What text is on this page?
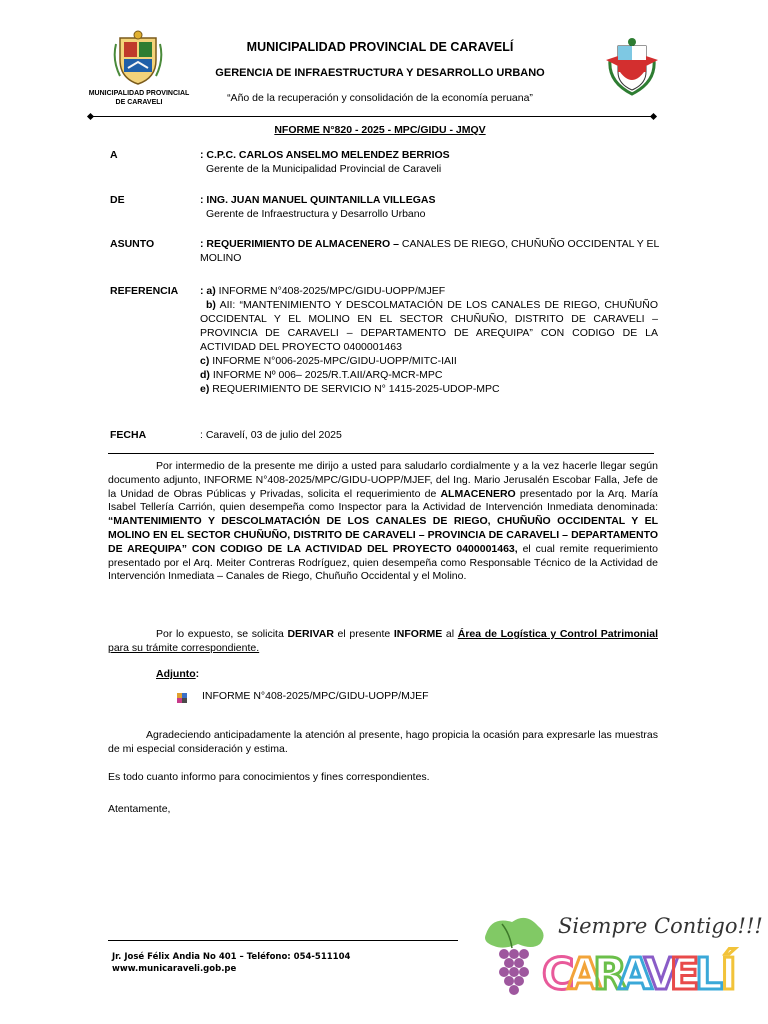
MUNICIPALIDAD PROVINCIAL
DE CARAVELI
MUNICIPALIDAD PROVINCIAL DE CARAVELÍ
GERENCIA DE INFRAESTRUCTURA Y DESARROLLO URBANO
“Año de la recuperación y consolidación de la economía peruana”
NFORME N°820 - 2025 - MPC/GIDU - JMQV
A	: C.P.C. CARLOS ANSELMO MELENDEZ BERRIOS
Gerente de la Municipalidad Provincial de Caraveli
DE	: ING. JUAN MANUEL QUINTANILLA VILLEGAS
Gerente de Infraestructura y Desarrollo Urbano
ASUNTO	: REQUERIMIENTO DE ALMACENERO – CANALES DE RIEGO, CHUÑUÑO OCCIDENTAL Y EL MOLINO
REFERENCIA : a) INFORME N°408-2025/MPC/GIDU-UOPP/MJEF
b) AII: “MANTENIMIENTO Y DESCOLMATACIÓN DE LOS CANALES DE RIEGO, CHUÑUÑO OCCIDENTAL Y EL MOLINO EN EL SECTOR CHUÑUÑO, DISTRITO DE CARAVELI – PROVINCIA DE CARAVELI – DEPARTAMENTO DE AREQUIPA” CON CODIGO DE LA ACTIVIDAD DEL PROYECTO 0400001463
c) INFORME N°006-2025-MPC/GIDU-UOPP/MITC-IAII
d) INFORME Nº 006– 2025/R.T.AII/ARQ-MCR-MPC
e) REQUERIMIENTO DE SERVICIO N° 1415-2025-UDOP-MPC
FECHA	: Caravelí, 03 de julio del 2025
Por intermedio de la presente me dirijo a usted para saludarlo cordialmente y a la vez hacerle llegar según documento adjunto, INFORME N°408-2025/MPC/GIDU-UOPP/MJEF, del Ing. Mario Jerusalén Escobar Falla, Jefe de la Unidad de Obras Públicas y Privadas, solicita el requerimiento de ALMACENERO presentado por la Arq. María Isabel Tellería Carrión, quien desempeña como Inspector para la Actividad de Intervención Inmediata denominada: “MANTENIMIENTO Y DESCOLMATACIÓN DE LOS CANALES DE RIEGO, CHUÑUÑO OCCIDENTAL Y EL MOLINO EN EL SECTOR CHUÑUÑO, DISTRITO DE CARAVELI – PROVINCIA DE CARAVELI – DEPARTAMENTO DE AREQUIPA” CON CODIGO DE LA ACTIVIDAD DEL PROYECTO 0400001463, el cual remite requerimiento presentado por el Arq. Meiter Contreras Rodríguez, quien desempeña como Responsable Técnico de la Actividad de Intervención Inmediata – Canales de Riego, Chuñuño Occidental y el Molino.
Por lo expuesto, se solicita DERIVAR el presente INFORME al Área de Logística y Control Patrimonial para su trámite correspondiente.
Adjunto:
INFORME N°408-2025/MPC/GIDU-UOPP/MJEF
Agradeciendo anticipadamente la atención al presente, hago propicia la ocasión para expresarle las muestras de mi especial consideración y estima.
Es todo cuanto informo para conocimientos y fines correspondientes.
Atentamente,
Jr. José Félix Andia No 401 – Teléfono: 054-511104
www.municaraveli.gob.pe
Siempre Contigo!!!
C
A
R
A
V
E
L
Í
